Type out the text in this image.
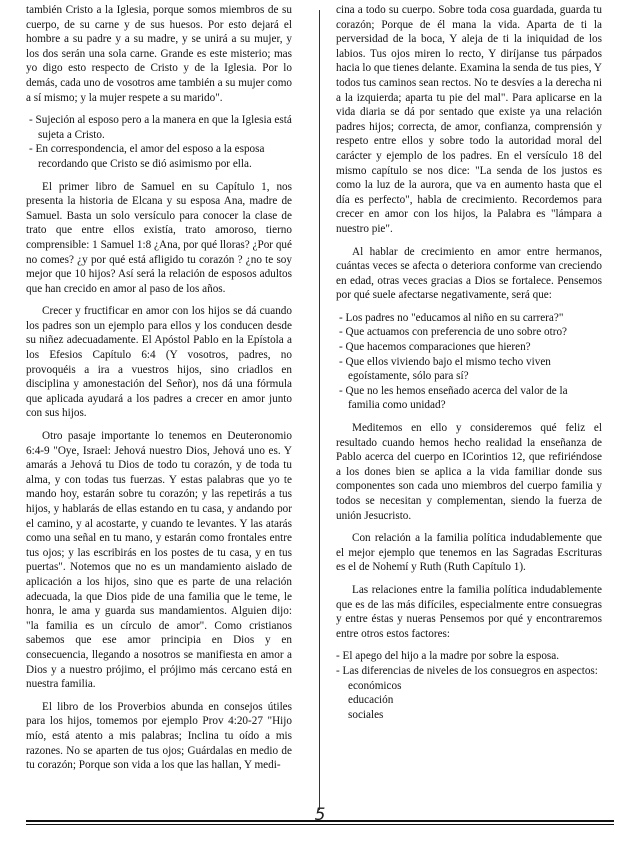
también Cristo a la Iglesia, porque somos miembros de su cuerpo, de su carne y de sus huesos. Por esto dejará el hombre a su padre y a su madre, y se unirá a su mujer, y los dos serán una sola carne. Grande es este misterio; mas yo digo esto respecto de Cristo y de la Iglesia. Por lo demás, cada uno de vosotros ame también a su mujer como a sí mismo; y la mujer respete a su marido".

- Sujeción al esposo pero a la manera en que la Iglesia está sujeta a Cristo.
- En correspondencia, el amor del esposo a la esposa recordando que Cristo se dió asimismo por ella.

El primer libro de Samuel en su Capítulo 1, nos presenta la historia de Elcana y su esposa Ana, madre de Samuel. Basta un solo versículo para conocer la clase de trato que entre ellos existía, trato amoroso, tierno comprensible: 1 Samuel 1:8 ¿Ana, por qué lloras? ¿Por qué no comes? ¿y por qué está afligido tu corazón ? ¿no te soy mejor que 10 hijos? Así será la relación de esposos adultos que han crecido en amor al paso de los años.

Crecer y fructificar en amor con los hijos se dá cuando los padres son un ejemplo para ellos y los conducen desde su niñez adecuadamente. El Apóstol Pablo en la Epístola a los Efesios Capítulo 6:4 (Y vosotros, padres, no provoquéis a ira a vuestros hijos, sino criadlos en disciplina y amonestación del Señor), nos dá una fórmula que aplicada ayudará a los padres a crecer en amor junto con sus hijos.

Otro pasaje importante lo tenemos en Deuteronomio 6:4-9 "Oye, Israel: Jehová nuestro Dios, Jehová uno es. Y amarás a Jehová tu Dios de todo tu corazón, y de toda tu alma, y con todas tus fuerzas. Y estas palabras que yo te mando hoy, estarán sobre tu corazón; y las repetirás a tus hijos, y hablarás de ellas estando en tu casa, y andando por el camino, y al acostarte, y cuando te levantes. Y las atarás como una señal en tu mano, y estarán como frontales entre tus ojos; y las escribirás en los postes de tu casa, y en tus puertas". Notemos que no es un mandamiento aislado de aplicación a los hijos, sino que es parte de una relación adecuada, la que Dios pide de una familia que le teme, le honra, le ama y guarda sus mandamientos. Alguien dijo: "la familia es un círculo de amor". Como cristianos sabemos que ese amor principia en Dios y en consecuencia, llegando a nosotros se manifiesta en amor a Dios y a nuestro prójimo, el prójimo más cercano está en nuestra familia.

El libro de los Proverbios abunda en consejos útiles para los hijos, tomemos por ejemplo Prov 4:20-27 "Hijo mío, está atento a mis palabras; Inclina tu oído a mis razones. No se aparten de tus ojos; Guárdalas en medio de tu corazón; Porque son vida a los que las hallan, Y medi-

cina a todo su cuerpo. Sobre toda cosa guardada, guarda tu corazón; Porque de él mana la vida. Aparta de ti la perversidad de la boca, Y aleja de ti la iniquidad de los labios. Tus ojos miren lo recto, Y diríjanse tus párpados hacia lo que tienes delante. Examina la senda de tus pies, Y todos tus caminos sean rectos. No te desvíes a la derecha ni a la izquierda; aparta tu pie del mal". Para aplicarse en la vida diaria se dá por sentado que existe ya una relación padres hijos; correcta, de amor, confianza, comprensión y respeto entre ellos y sobre todo la autoridad moral del carácter y ejemplo de los padres. En el versículo 18 del mismo capítulo se nos dice: "La senda de los justos es como la luz de la aurora, que va en aumento hasta que el día es perfecto", habla de crecimiento. Recordemos para crecer en amor con los hijos, la Palabra es "lámpara a nuestro pie".

Al hablar de crecimiento en amor entre hermanos, cuántas veces se afecta o deteriora conforme van creciendo en edad, otras veces gracias a Dios se fortalece. Pensemos por qué suele afectarse negativamente, será que:

- Los padres no "educamos al niño en su carrera?"
- Que actuamos con preferencia de uno sobre otro?
- Que hacemos comparaciones que hieren?
- Que ellos viviendo bajo el mismo techo viven egoístamente, sólo para sí?
- Que no les hemos enseñado acerca del valor de la familia como unidad?

Meditemos en ello y consideremos qué feliz el resultado cuando hemos hecho realidad la enseñanza de Pablo acerca del cuerpo en ICorintios 12, que refiriéndose a los dones bien se aplica a la vida familiar donde sus componentes son cada uno miembros del cuerpo familia y todos se necesitan y complementan, siendo la fuerza de unión Jesucristo.

Con relación a la familia política indudablemente que el mejor ejemplo que tenemos en las Sagradas Escrituras es el de Nohemí y Ruth (Ruth Capítulo 1).

Las relaciones entre la familia política indudablemente que es de las más difíciles, especialmente entre consuegras y entre éstas y nueras Pensemos por qué y encontraremos entre otros estos factores:

- El apego del hijo a la madre por sobre la esposa.
- Las diferencias de niveles de los consuegros en aspectos:
económicos
educación
sociales
5
